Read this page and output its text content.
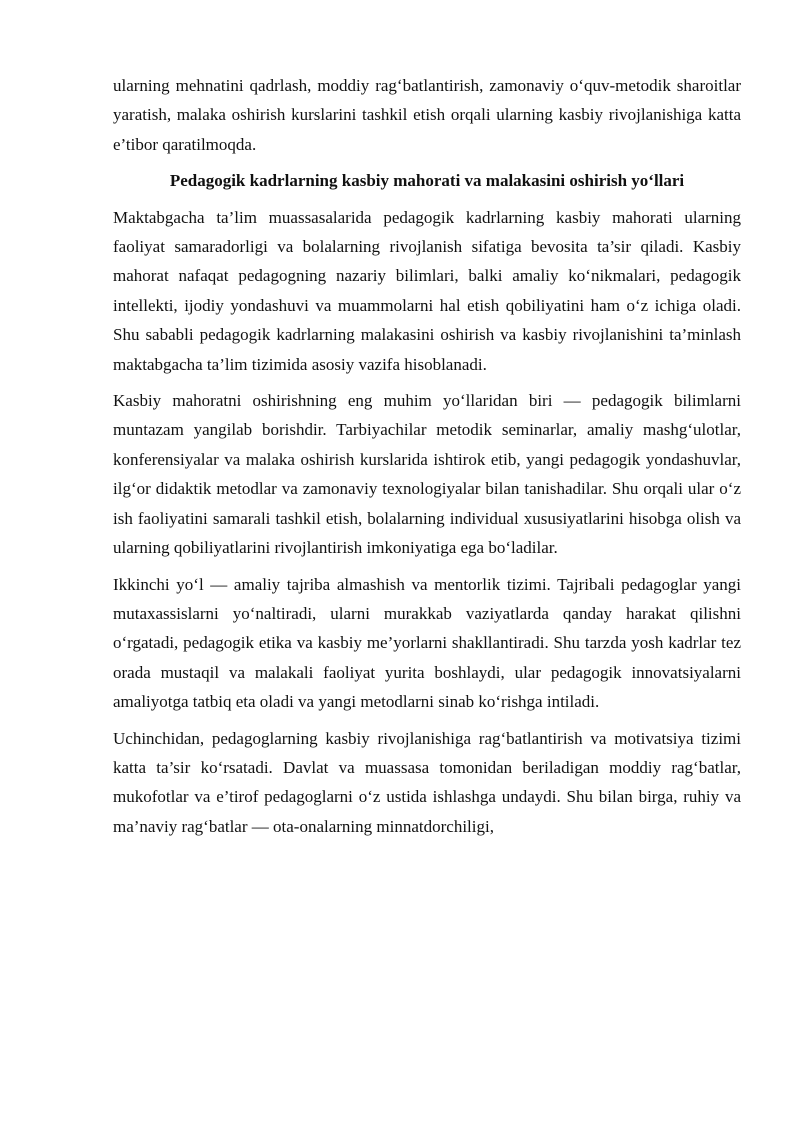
ularning mehnatini qadrlash, moddiy rag‘batlantirish, zamonaviy o‘quv-metodik sharoitlar yaratish, malaka oshirish kurslarini tashkil etish orqali ularning kasbiy rivojlanishiga katta e’tibor qaratilmoqda.

Pedagogik kadrlarning kasbiy mahorati va malakasini oshirish yo‘llari

Maktabgacha ta’lim muassasalarida pedagogik kadrlarning kasbiy mahorati ularning faoliyat samaradorligi va bolalarning rivojlanish sifatiga bevosita ta’sir qiladi. Kasbiy mahorat nafaqat pedagogning nazariy bilimlari, balki amaliy ko‘nikmalari, pedagogik intellekti, ijodiy yondashuvi va muammolarni hal etish qobiliyatini ham o‘z ichiga oladi. Shu sababli pedagogik kadrlarning malakasini oshirish va kasbiy rivojlanishini ta’minlash maktabgacha ta’lim tizimida asosiy vazifa hisoblanadi.

Kasbiy mahoratni oshirishning eng muhim yo‘llaridan biri — pedagogik bilimlarni muntazam yangilab borishdir. Tarbiyachilar metodik seminarlar, amaliy mashg‘ulotlar, konferensiyalar va malaka oshirish kurslarida ishtirok etib, yangi pedagogik yondashuvlar, ilg‘or didaktik metodlar va zamonaviy texnologiyalar bilan tanishadilar. Shu orqali ular o‘z ish faoliyatini samarali tashkil etish, bolalarning individual xususiyatlarini hisobga olish va ularning qobiliyatlarini rivojlantirish imkoniyatiga ega bo‘ladilar.

Ikkinchi yo‘l — amaliy tajriba almashish va mentorlik tizimi. Tajribali pedagoglar yangi mutaxassislarni yo‘naltiradi, ularni murakkab vaziyatlarda qanday harakat qilishni o‘rgatadi, pedagogik etika va kasbiy me’yorlarni shakllantiradi. Shu tarzda yosh kadrlar tez orada mustaqil va malakali faoliyat yurita boshlaydi, ular pedagogik innovatsiyalarni amaliyotga tatbiq eta oladi va yangi metodlarni sinab ko‘rishga intiladi.

Uchinchidan, pedagoglarning kasbiy rivojlanishiga rag‘batlantirish va motivatsiya tizimi katta ta’sir ko‘rsatadi. Davlat va muassasa tomonidan beriladigan moddiy rag‘batlar, mukofotlar va e’tirof pedagoglarni o‘z ustida ishlashga undaydi. Shu bilan birga, ruhiy va ma’naviy rag‘batlar — ota-onalarning minnatdorchiligi,
